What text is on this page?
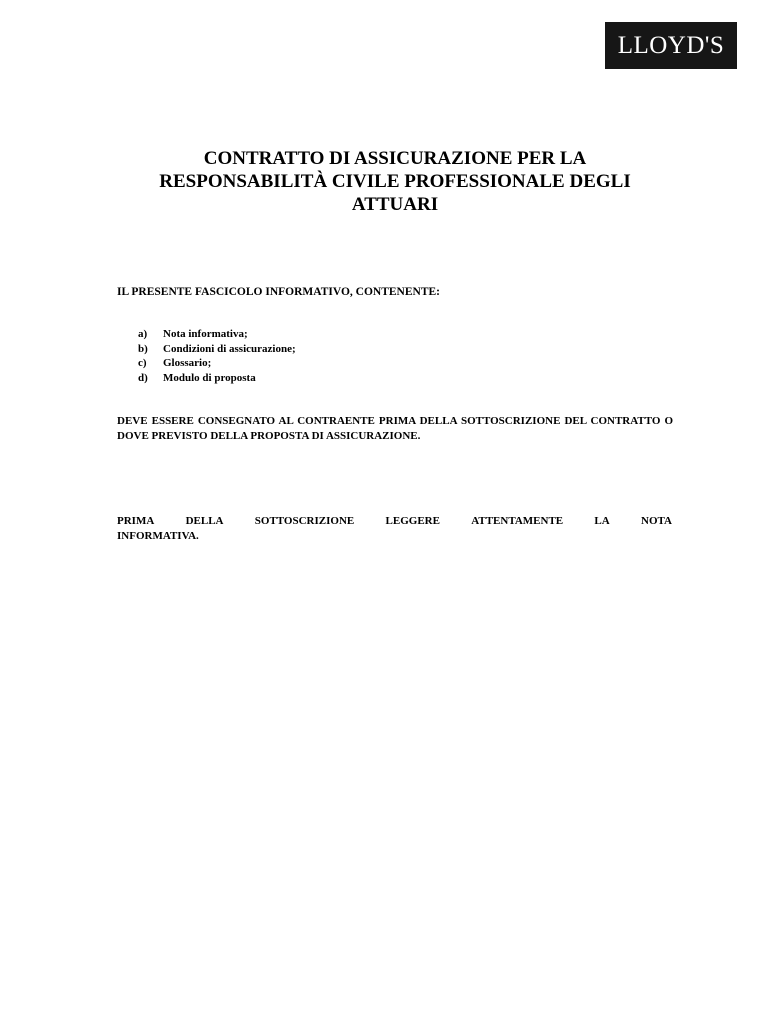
LLOYD'S
CONTRATTO DI ASSICURAZIONE PER LA
RESPONSABILITÀ CIVILE PROFESSIONALE DEGLI
ATTUARI

IL PRESENTE FASCICOLO INFORMATIVO, CONTENENTE:

a)	Nota informativa;
b)	Condizioni di assicurazione;
c)	Glossario;
d)	Modulo di proposta

DEVE ESSERE CONSEGNATO AL CONTRAENTE PRIMA DELLA SOTTOSCRIZIONE DEL CONTRATTO O DOVE PREVISTO DELLA PROPOSTA DI ASSICURAZIONE.

PRIMA	DELLA	SOTTOSCRIZIONE	LEGGERE	ATTENTAMENTE	LA	NOTA
INFORMATIVA.
